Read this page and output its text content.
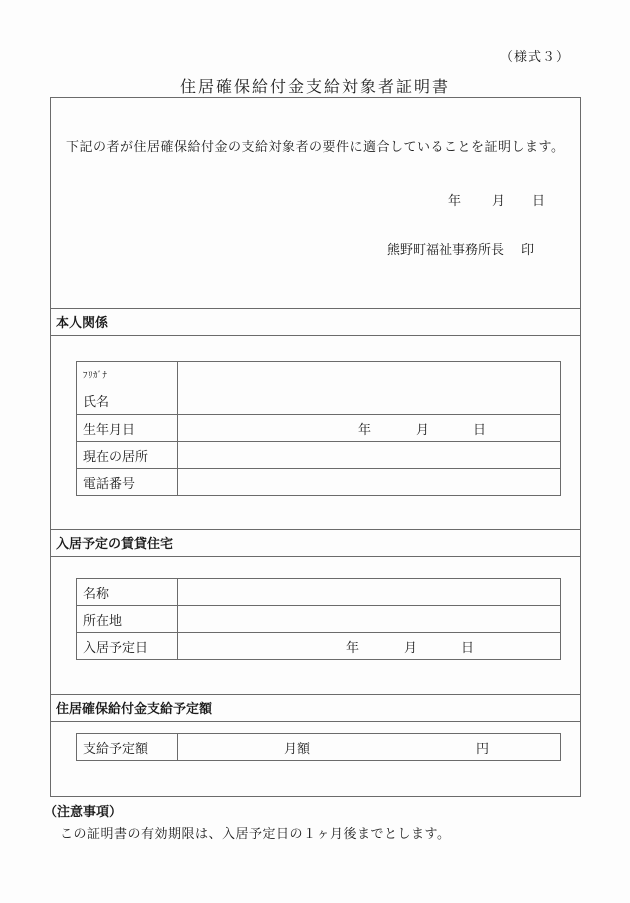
（様式３）
住居確保給付金支給対象者証明書
下記の者が住居確保給付金の支給対象者の要件に適合していることを証明します。
年 月 日
熊野町福祉事務所長 印
本人関係
ﾌﾘｶﾞﾅ
氏名	
生年月日	年 月 日
現在の居所	
電話番号	
入居予定の賃貸住宅
名称	
所在地	
入居予定日	年 月 日
住居確保給付金支給予定額
支給予定額	月額	円
（注意事項）
この証明書の有効期限は、入居予定日の１ヶ月後までとします。
